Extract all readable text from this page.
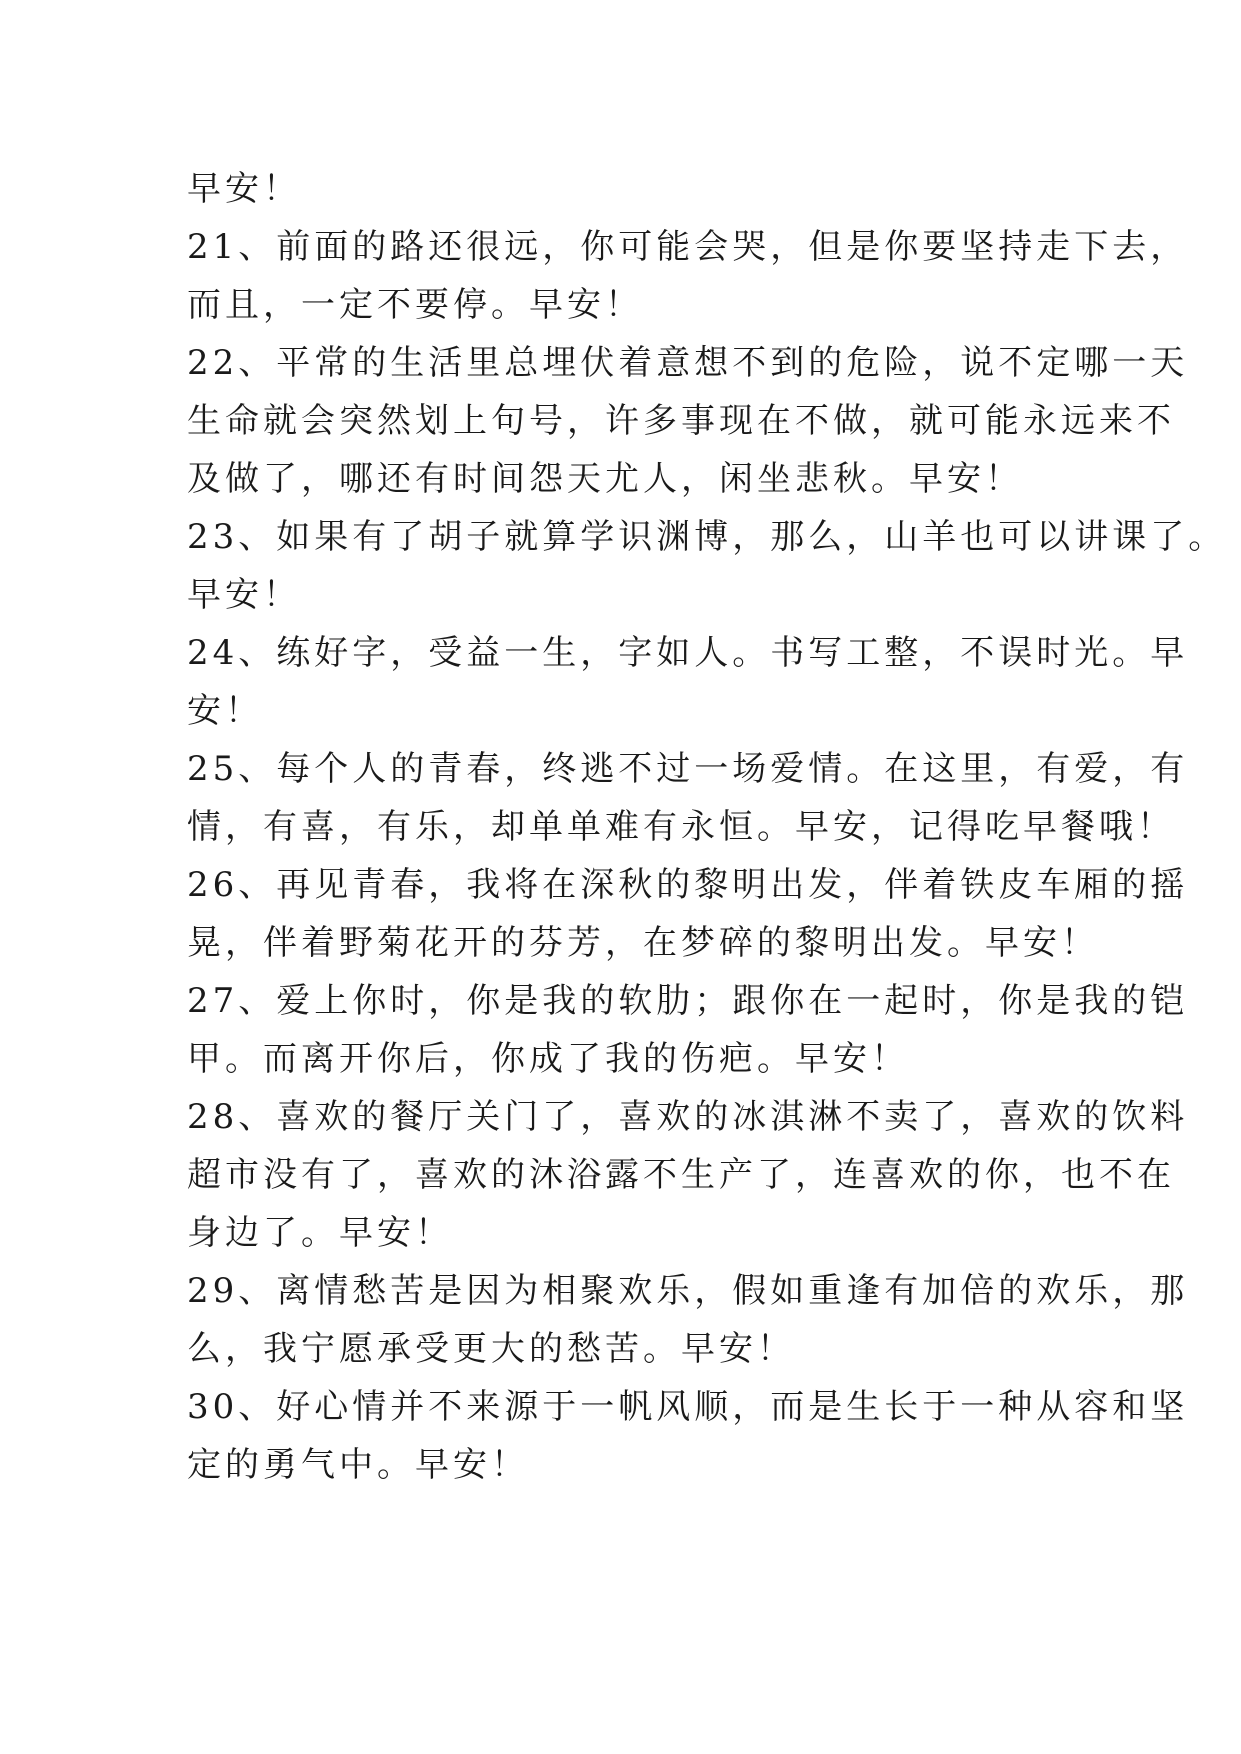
早安！
21、前面的路还很远，你可能会哭，但是你要坚持走下去，
而且，一定不要停。早安！
22、平常的生活里总埋伏着意想不到的危险，说不定哪一天
生命就会突然划上句号，许多事现在不做，就可能永远来不
及做了，哪还有时间怨天尤人，闲坐悲秋。早安！
23、如果有了胡子就算学识渊博，那么，山羊也可以讲课了。
早安！
24、练好字，受益一生，字如人。书写工整，不误时光。早
安！
25、每个人的青春，终逃不过一场爱情。在这里，有爱，有
情，有喜，有乐，却单单难有永恒。早安，记得吃早餐哦！
26、再见青春，我将在深秋的黎明出发，伴着铁皮车厢的摇
晃，伴着野菊花开的芬芳，在梦碎的黎明出发。早安！
27、爱上你时，你是我的软肋；跟你在一起时，你是我的铠
甲。而离开你后，你成了我的伤疤。早安！
28、喜欢的餐厅关门了，喜欢的冰淇淋不卖了，喜欢的饮料
超市没有了，喜欢的沐浴露不生产了，连喜欢的你，也不在
身边了。早安！
29、离情愁苦是因为相聚欢乐，假如重逢有加倍的欢乐，那
么，我宁愿承受更大的愁苦。早安！
30、好心情并不来源于一帆风顺，而是生长于一种从容和坚
定的勇气中。早安！
